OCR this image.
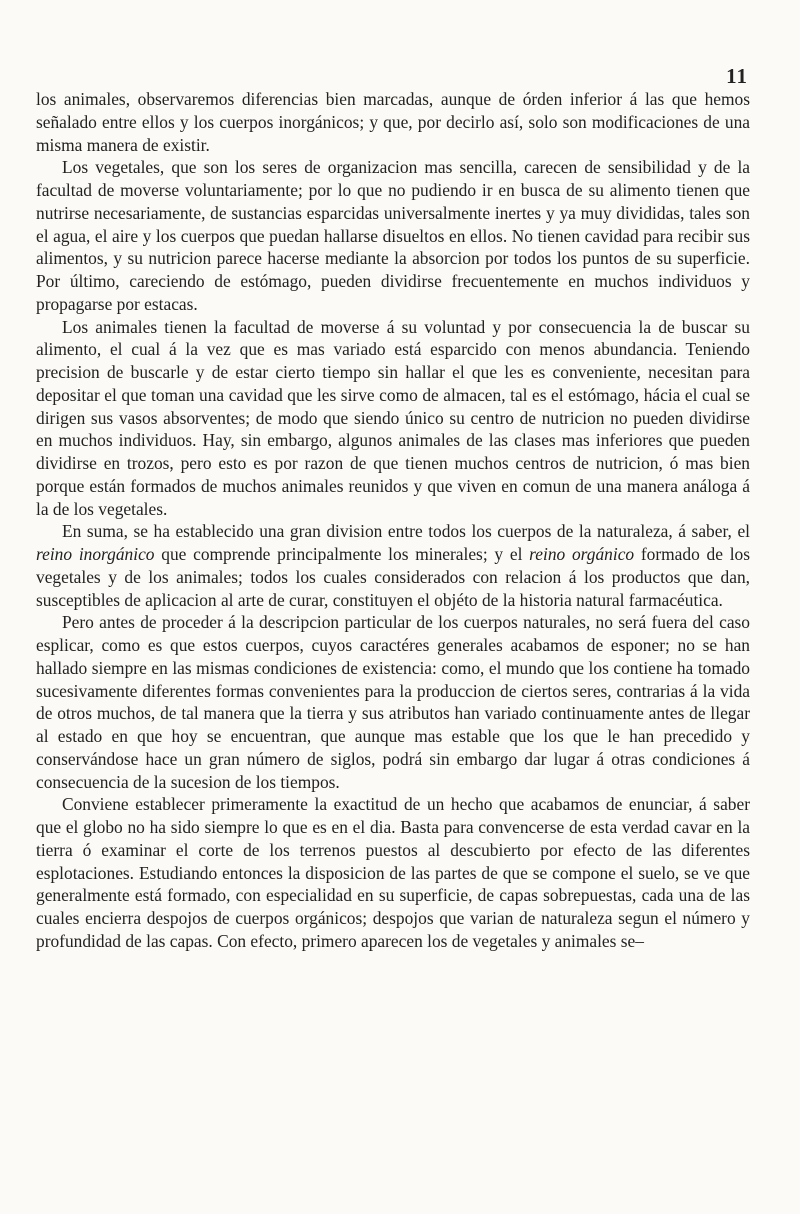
11

los animales, observaremos diferencias bien marcadas, aunque de órden inferior á las que hemos señalado entre ellos y los cuerpos inorgánicos; y que, por decirlo así, solo son modificaciones de una misma manera de existir.

Los vegetales, que son los seres de organizacion mas sencilla, carecen de sensibilidad y de la facultad de moverse voluntariamente; por lo que no pudiendo ir en busca de su alimento tienen que nutrirse necesariamente, de sustancias esparcidas universalmente inertes y ya muy divididas, tales son el agua, el aire y los cuerpos que puedan hallarse disueltos en ellos. No tienen cavidad para recibir sus alimentos, y su nutricion parece hacerse mediante la absorcion por todos los puntos de su superficie. Por último, careciendo de estómago, pueden dividirse frecuentemente en muchos individuos y propagarse por estacas.

Los animales tienen la facultad de moverse á su voluntad y por consecuencia la de buscar su alimento, el cual á la vez que es mas variado está esparcido con menos abundancia. Teniendo precision de buscarle y de estar cierto tiempo sin hallar el que les es conveniente, necesitan para depositar el que toman una cavidad que les sirve como de almacen, tal es el estómago, hácia el cual se dirigen sus vasos absorventes; de modo que siendo único su centro de nutricion no pueden dividirse en muchos individuos. Hay, sin embargo, algunos animales de las clases mas inferiores que pueden dividirse en trozos, pero esto es por razon de que tienen muchos centros de nutricion, ó mas bien porque están formados de muchos animales reunidos y que viven en comun de una manera análoga á la de los vegetales.

En suma, se ha establecido una gran division entre todos los cuerpos de la naturaleza, á saber, el reino inorgánico que comprende principalmente los minerales; y el reino orgánico formado de los vegetales y de los animales; todos los cuales considerados con relacion á los productos que dan, susceptibles de aplicacion al arte de curar, constituyen el objéto de la historia natural farmacéutica.

Pero antes de proceder á la descripcion particular de los cuerpos naturales, no será fuera del caso esplicar, como es que estos cuerpos, cuyos caractéres generales acabamos de esponer; no se han hallado siempre en las mismas condiciones de existencia: como, el mundo que los contiene ha tomado sucesivamente diferentes formas convenientes para la produccion de ciertos seres, contrarias á la vida de otros muchos, de tal manera que la tierra y sus atributos han variado continuamente antes de llegar al estado en que hoy se encuentran, que aunque mas estable que los que le han precedido y conservándose hace un gran número de siglos, podrá sin embargo dar lugar á otras condiciones á consecuencia de la sucesion de los tiempos.

Conviene establecer primeramente la exactitud de un hecho que acabamos de enunciar, á saber que el globo no ha sido siempre lo que es en el dia. Basta para convencerse de esta verdad cavar en la tierra ó examinar el corte de los terrenos puestos al descubierto por efecto de las diferentes esplotaciones. Estudiando entonces la disposicion de las partes de que se compone el suelo, se ve que generalmente está formado, con especialidad en su superficie, de capas sobrepuestas, cada una de las cuales encierra despojos de cuerpos orgánicos; despojos que varian de naturaleza segun el número y profundidad de las capas. Con efecto, primero aparecen los de vegetales y animales se–
